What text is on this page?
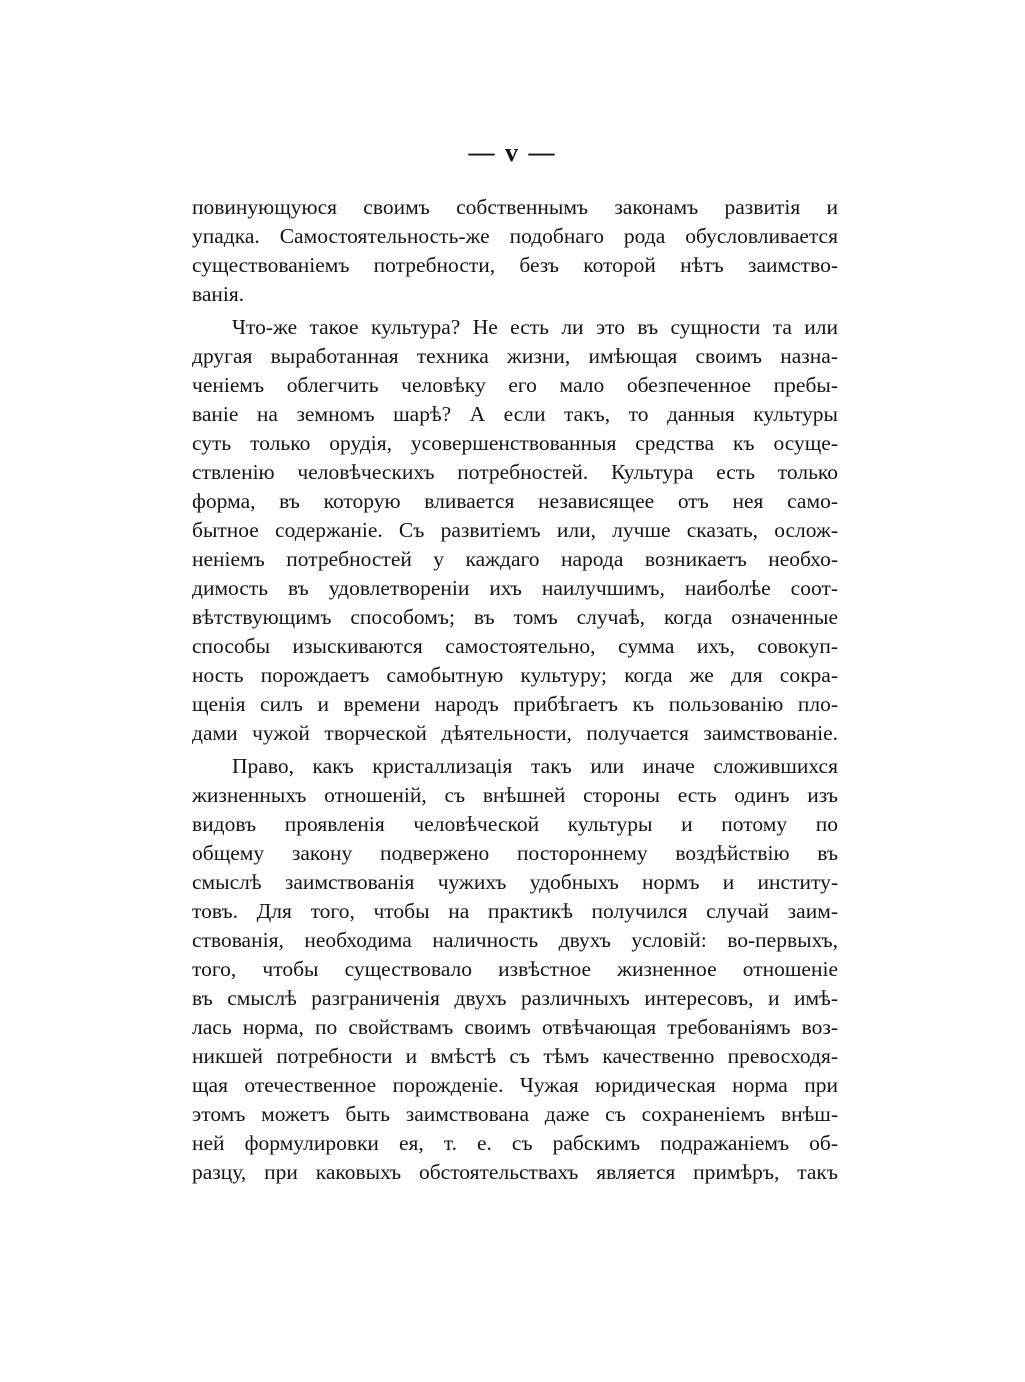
— v —
повинующуюся своимъ собственнымъ законамъ развитія и
упадка. Самостоятельность-же подобнаго рода обусловливается
существованіемъ потребности, безъ которой нѣтъ заимство-
ванія.
Что-же такое культура? Не есть ли это въ сущности та или
другая выработанная техника жизни, имѣющая своимъ назна-
ченіемъ облегчить человѣку его мало обезпеченное пребы-
ваніе на земномъ шарѣ? А если такъ, то данныя культуры
суть только орудія, усовершенствованныя средства къ осуще-
ствленію человѣческихъ потребностей. Культура есть только
форма, въ которую вливается независящее отъ нея само-
бытное содержаніе. Съ развитіемъ или, лучше сказать, ослож-
неніемъ потребностей у каждаго народа возникаетъ необхо-
димость въ удовлетвореніи ихъ наилучшимъ, наиболѣе соот-
вѣтствующимъ способомъ; въ томъ случаѣ, когда означенные
способы изыскиваются самостоятельно, сумма ихъ, совокуп-
ность порождаетъ самобытную культуру; когда же для сокра-
щенія силъ и времени народъ прибѣгаетъ къ пользованію пло-
дами чужой творческой дѣятельности, получается заимствованіе.
Право, какъ кристаллизація такъ или иначе сложившихся
жизненныхъ отношеній, съ внѣшней стороны есть одинъ изъ
видовъ проявленія человѣческой культуры и потому по
общему закону подвержено постороннему воздѣйствію въ
смыслѣ заимствованія чужихъ удобныхъ нормъ и институ-
товъ. Для того, чтобы на практикѣ получился случай заим-
ствованія, необходима наличность двухъ условій: во-первыхъ,
того, чтобы существовало извѣстное жизненное отношеніе
въ смыслѣ разграниченія двухъ различныхъ интересовъ, и имѣ-
лась норма, по свойствамъ своимъ отвѣчающая требованіямъ воз-
никшей потребности и вмѣстѣ съ тѣмъ качественно превосходя-
щая отечественное порожденіе. Чужая юридическая норма при
этомъ можетъ быть заимствована даже съ сохраненіемъ внѣш-
ней формулировки ея, т. е. съ рабскимъ подражаніемъ об-
разцу, при каковыхъ обстоятельствахъ является примѣръ, такъ
